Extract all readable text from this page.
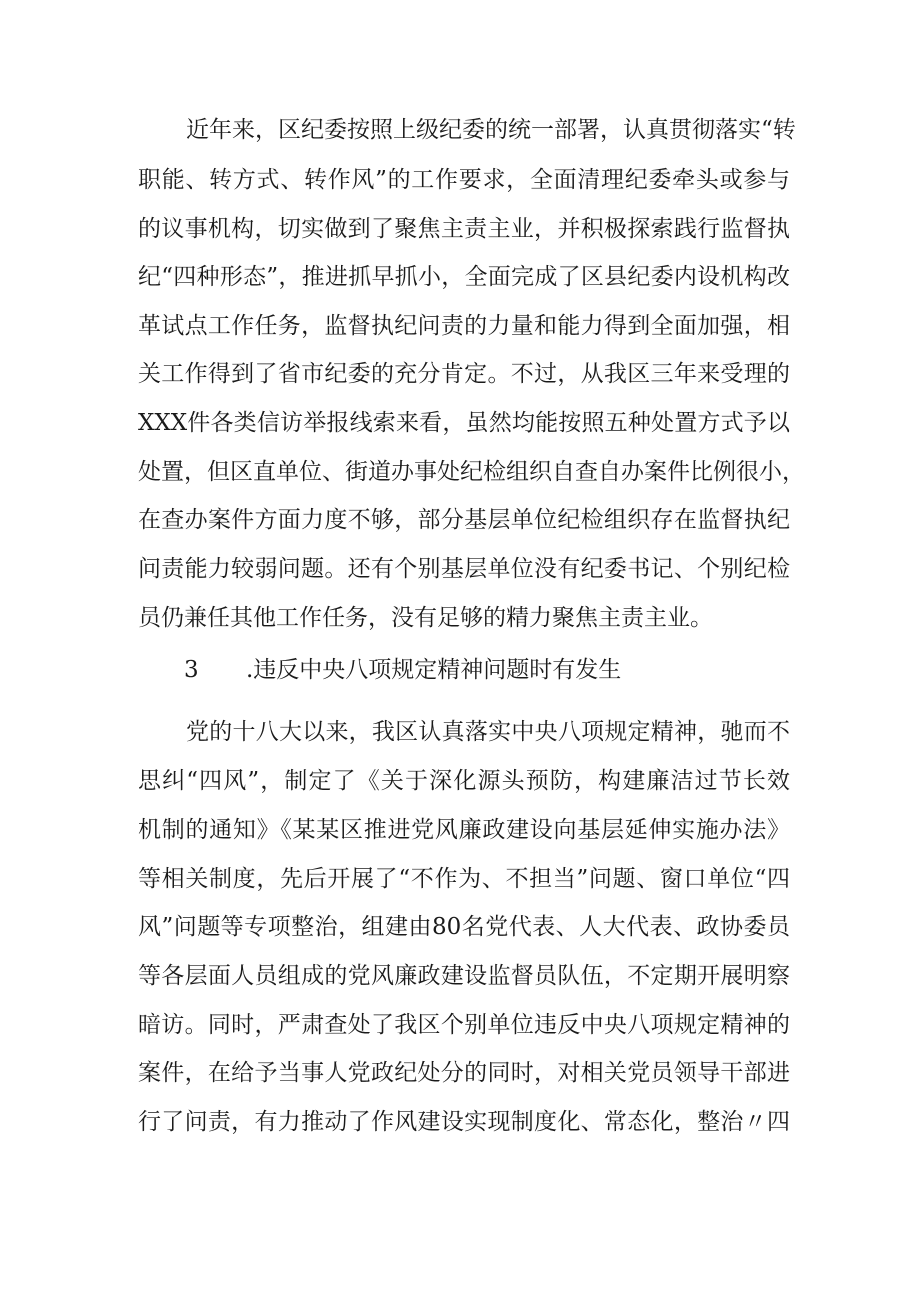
近年来，区纪委按照上级纪委的统一部署，认真贯彻落实“转
职能、转方式、转作风”的工作要求，全面清理纪委牵头或参与
的议事机构，切实做到了聚焦主责主业，并积极探索践行监督执
纪“四种形态”，推进抓早抓小，全面完成了区县纪委内设机构改
革试点工作任务，监督执纪问责的力量和能力得到全面加强，相
关工作得到了省市纪委的充分肯定。不过，从我区三年来受理的
XXX件各类信访举报线索来看，虽然均能按照五种处置方式予以
处置，但区直单位、街道办事处纪检组织自查自办案件比例很小，
在查办案件方面力度不够，部分基层单位纪检组织存在监督执纪
问责能力较弱问题。还有个别基层单位没有纪委书记、个别纪检
员仍兼任其他工作任务，没有足够的精力聚焦主责主业。
3 .违反中央八项规定精神问题时有发生
党的十八大以来，我区认真落实中央八项规定精神，驰而不
思纠“四风”，制定了《关于深化源头预防，构建廉洁过节长效
机制的通知》《某某区推进党风廉政建设向基层延伸实施办法》
等相关制度，先后开展了“不作为、不担当”问题、窗口单位“四
风”问题等专项整治，组建由80名党代表、人大代表、政协委员
等各层面人员组成的党风廉政建设监督员队伍，不定期开展明察
暗访。同时，严肃查处了我区个别单位违反中央八项规定精神的
案件，在给予当事人党政纪处分的同时，对相关党员领导干部进
行了问责，有力推动了作风建设实现制度化、常态化，整治〃四
